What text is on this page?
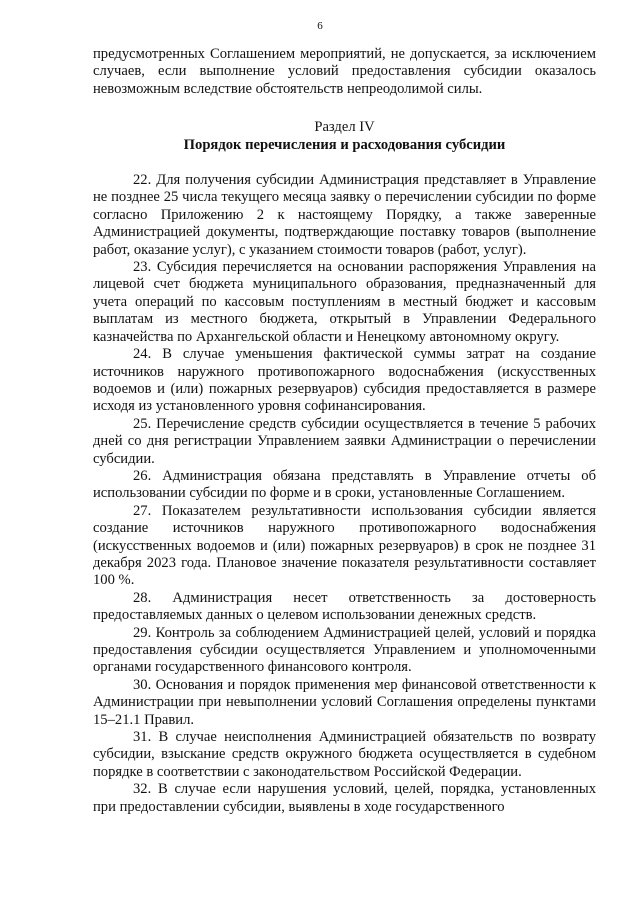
6

предусмотренных Соглашением мероприятий, не допускается, за исключением случаев, если выполнение условий предоставления субсидии оказалось невозможным вследствие обстоятельств непреодолимой силы.

Раздел IV

Порядок перечисления и расходования субсидии

22. Для получения субсидии Администрация представляет в Управление не позднее 25 числа текущего месяца заявку о перечислении субсидии по форме согласно Приложению 2 к настоящему Порядку, а также заверенные Администрацией документы, подтверждающие поставку товаров (выполнение работ, оказание услуг), с указанием стоимости товаров (работ, услуг).

23. Субсидия перечисляется на основании распоряжения Управления на лицевой счет бюджета муниципального образования, предназначенный для учета операций по кассовым поступлениям в местный бюджет и кассовым выплатам из местного бюджета, открытый в Управлении Федерального казначейства по Архангельской области и Ненецкому автономному округу.

24. В случае уменьшения фактической суммы затрат на создание источников наружного противопожарного водоснабжения (искусственных водоемов и (или) пожарных резервуаров) субсидия предоставляется в размере исходя из установленного уровня софинансирования.

25. Перечисление средств субсидии осуществляется в течение 5 рабочих дней со дня регистрации Управлением заявки Администрации о перечислении субсидии.

26. Администрация обязана представлять в Управление отчеты об использовании субсидии по форме и в сроки, установленные Соглашением.

27. Показателем результативности использования субсидии является создание источников наружного противопожарного водоснабжения (искусственных водоемов и (или) пожарных резервуаров) в срок не позднее 31 декабря 2023 года. Плановое значение показателя результативности составляет 100 %.

28. Администрация несет ответственность за достоверность предоставляемых данных о целевом использовании денежных средств.

29. Контроль за соблюдением Администрацией целей, условий и порядка предоставления субсидии осуществляется Управлением и уполномоченными органами государственного финансового контроля.

30. Основания и порядок применения мер финансовой ответственности к Администрации при невыполнении условий Соглашения определены пунктами 15–21.1 Правил.

31. В случае неисполнения Администрацией обязательств по возврату субсидии, взыскание средств окружного бюджета осуществляется в судебном порядке в соответствии с законодательством Российской Федерации.

32. В случае если нарушения условий, целей, порядка, установленных при предоставлении субсидии, выявлены в ходе государственного
